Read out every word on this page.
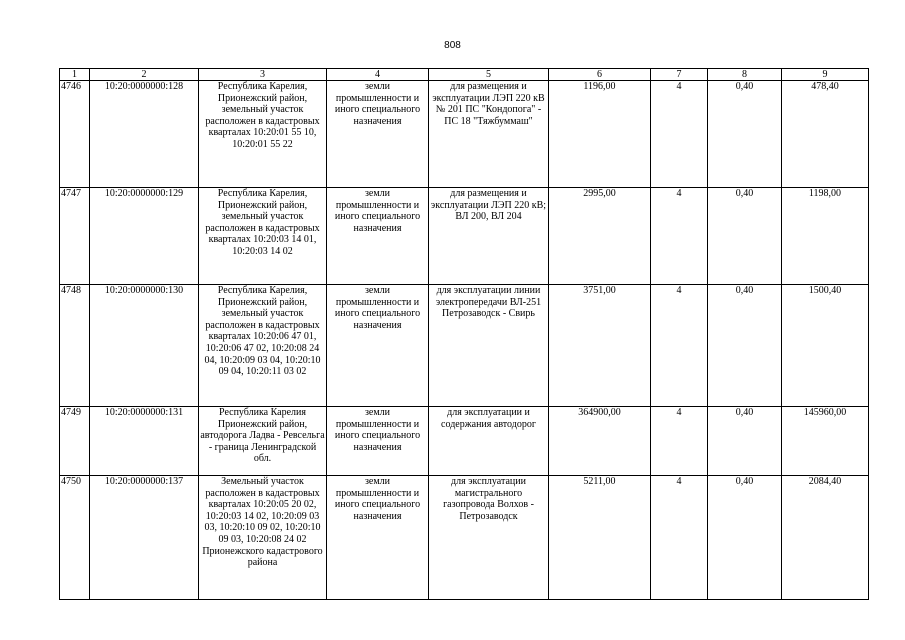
808
1	2	3	4	5	6	7	8	9
4746	10:20:0000000:128	Республика Карелия, Прионежский район, земельный участок расположен в кадастровых кварталах 10:20:01 55 10, 10:20:01 55 22	земли промышленности и иного специального назначения	для размещения и эксплуатации ЛЭП 220 кВ № 201 ПС "Кондопога" - ПС 18 "Тяжбуммаш"	1196,00	4	0,40	478,40
4747	10:20:0000000:129	Республика Карелия, Прионежский район, земельный участок расположен в кадастровых кварталах 10:20:03 14 01, 10:20:03 14 02	земли промышленности и иного специального назначения	для размещения и эксплуатации ЛЭП 220 кВ; ВЛ 200, ВЛ 204	2995,00	4	0,40	1198,00
4748	10:20:0000000:130	Республика Карелия, Прионежский район, земельный участок расположен в кадастровых кварталах 10:20:06 47 01, 10:20:06 47 02, 10:20:08 24 04, 10:20:09 03 04, 10:20:10 09 04, 10:20:11 03 02	земли промышленности и иного специального назначения	для эксплуатации линии электропередачи ВЛ-251 Петрозаводск - Свирь	3751,00	4	0,40	1500,40
4749	10:20:0000000:131	Республика Карелия Прионежский район, автодорога Ладва - Ревсельга - граница Ленинградской обл.	земли промышленности и иного специального назначения	для эксплуатации и содержания автодорог	364900,00	4	0,40	145960,00
4750	10:20:0000000:137	Земельный участок расположен в кадастровых кварталах 10:20:05 20 02, 10:20:03 14 02, 10:20:09 03 03, 10:20:10 09 02, 10:20:10 09 03, 10:20:08 24 02 Прионежского кадастрового района	земли промышленности и иного специального назначения	для эксплуатации магистрального газопровода Волхов - Петрозаводск	5211,00	4	0,40	2084,40
